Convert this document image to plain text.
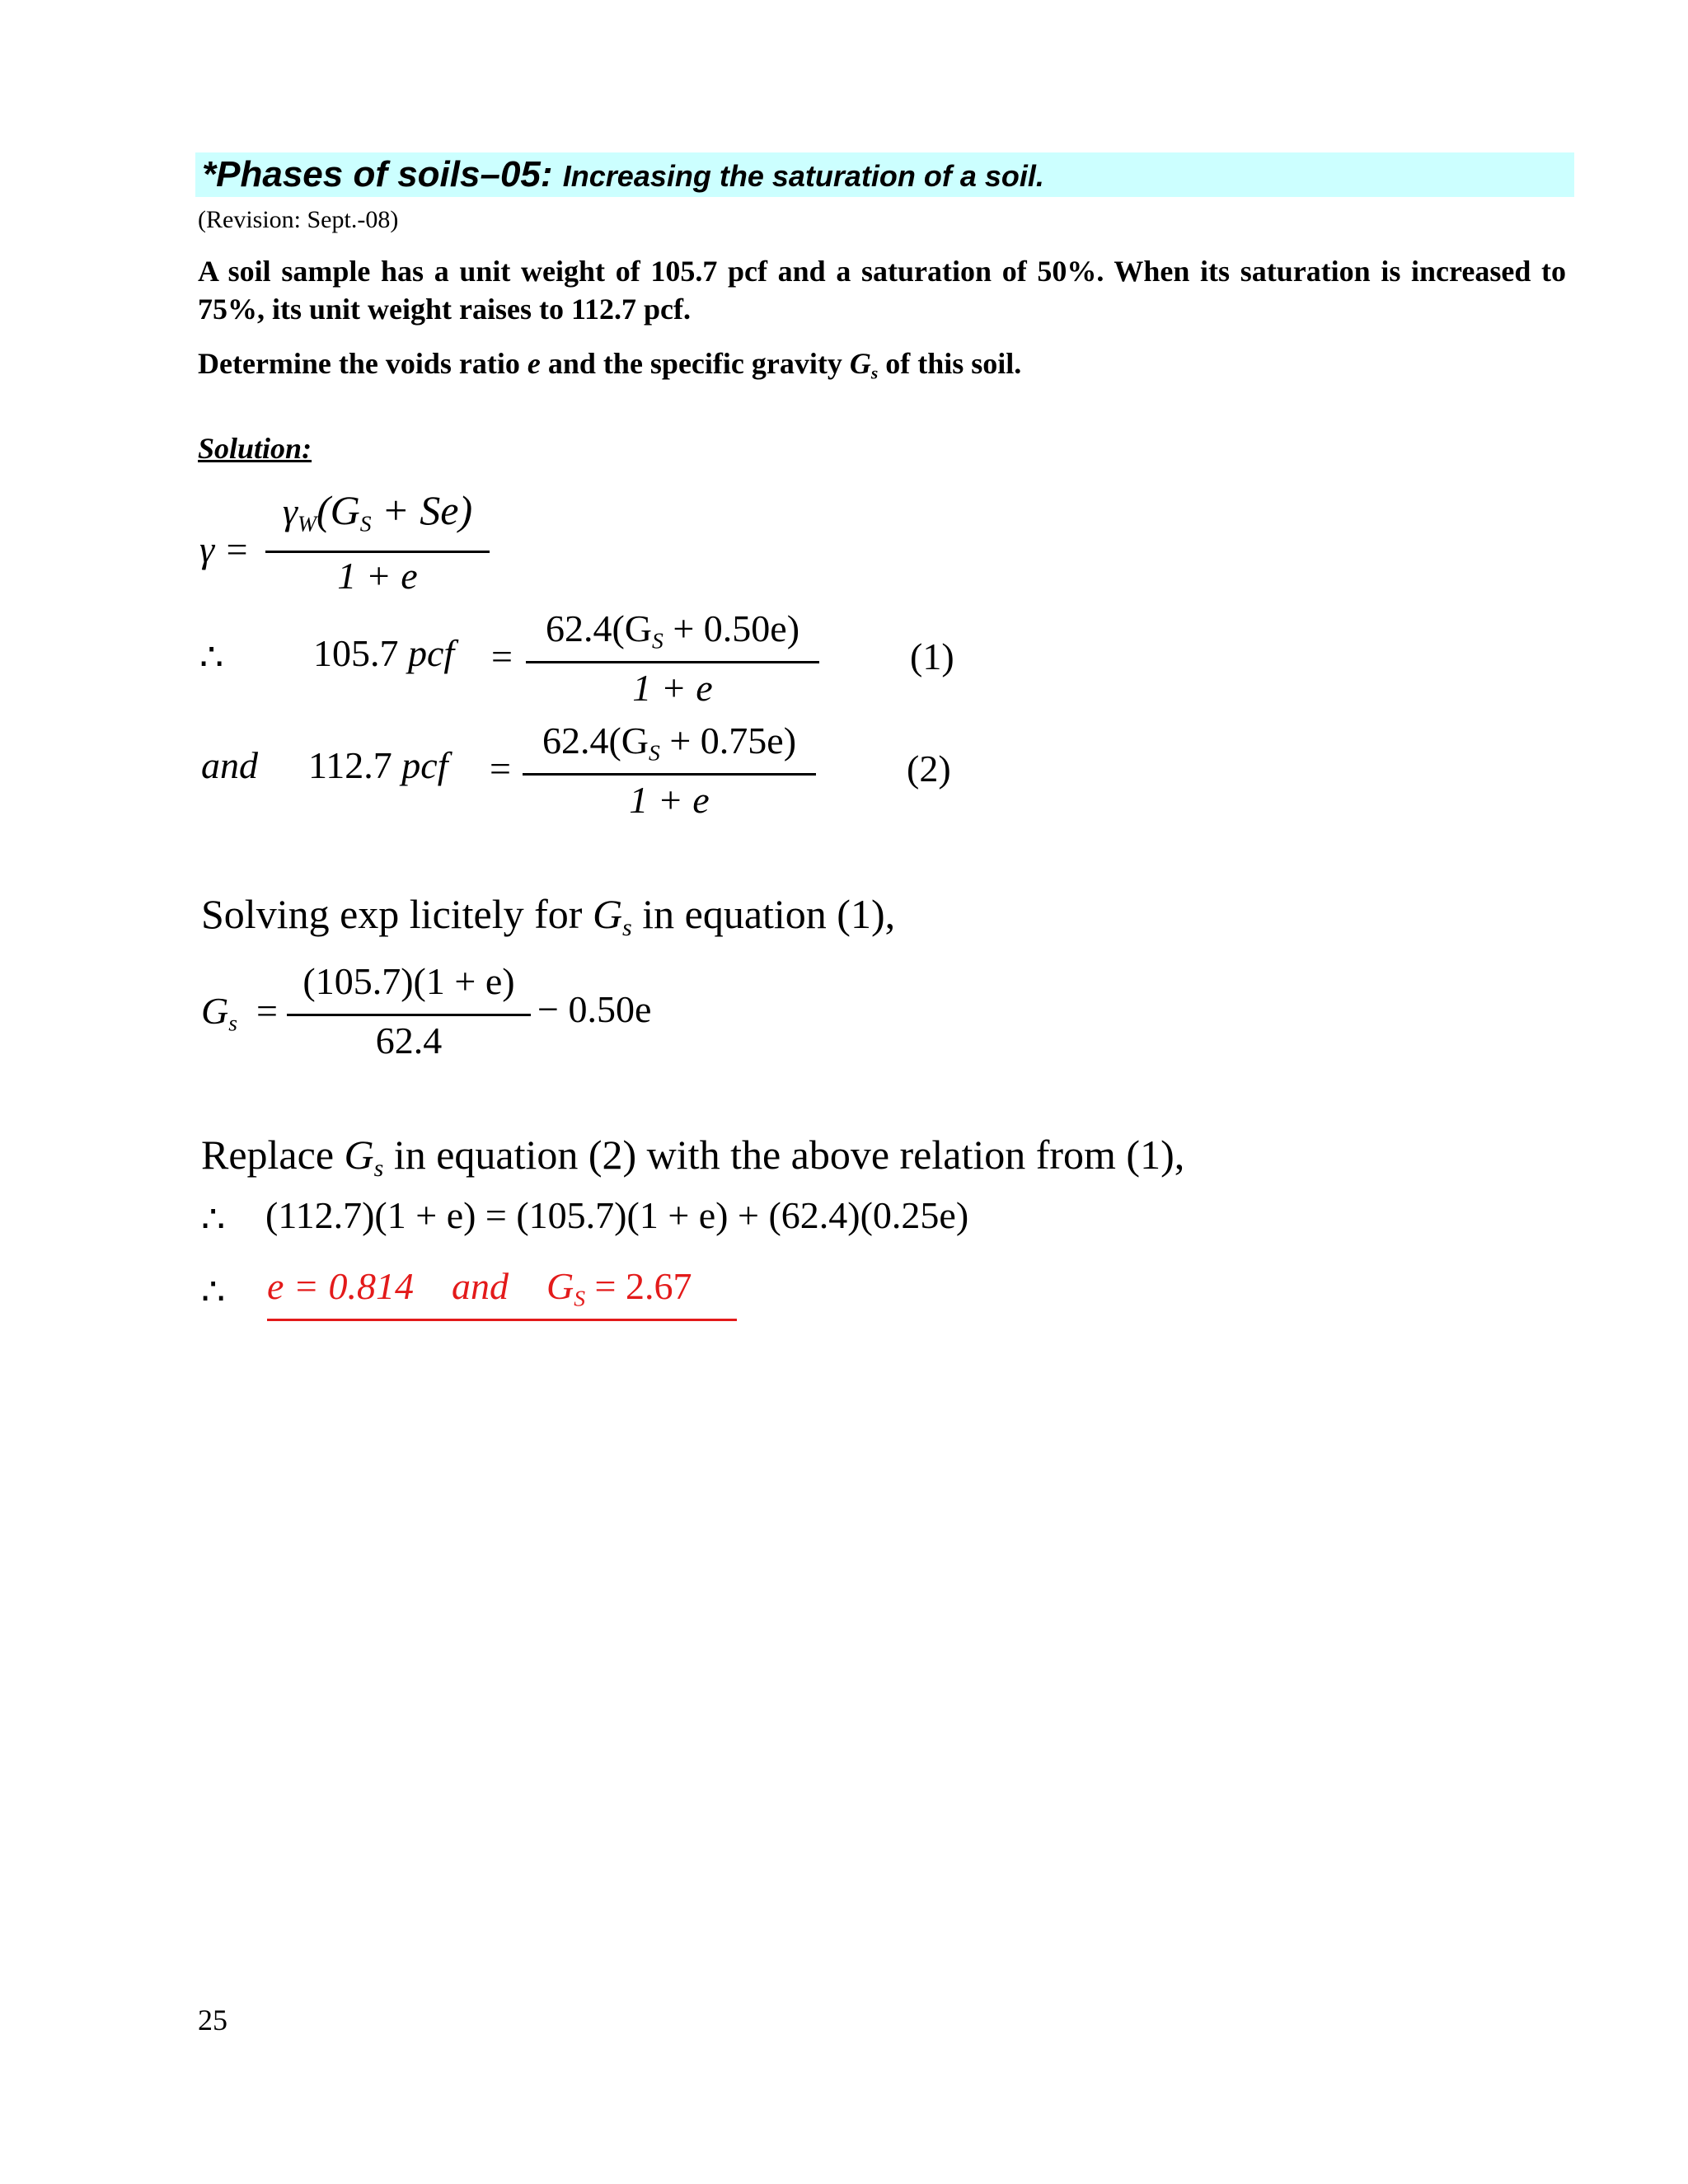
*Phases of soils–05: Increasing the saturation of a soil.
(Revision: Sept.-08)
A soil sample has a unit weight of 105.7 pcf and a saturation of 50%. When its saturation is increased to 75%, its unit weight raises to 112.7 pcf.
Determine the voids ratio e and the specific gravity $G_s$ of this soil.
Solution:
γ =
$\gamma_W(G_S + Se)$
1 + e
∴ 105.7 pcf =
$62.4(G_S + 0.50e)$
1 + e
(1)
and 112.7 pcf =
$62.4(G_S + 0.75e)$
1 + e
(2)
Solving exp licitely for $G_s$ in equation (1),
$G_s$ =
(105.7)(1 + e)
62.4
− 0.50e
Replace $G_s$ in equation (2) with the above relation from (1),
∴ (112.7)(1 + e) = (105.7)(1 + e) + (62.4)(0.25e)
∴ e = 0.814 and $G_S = 2.67$
25
